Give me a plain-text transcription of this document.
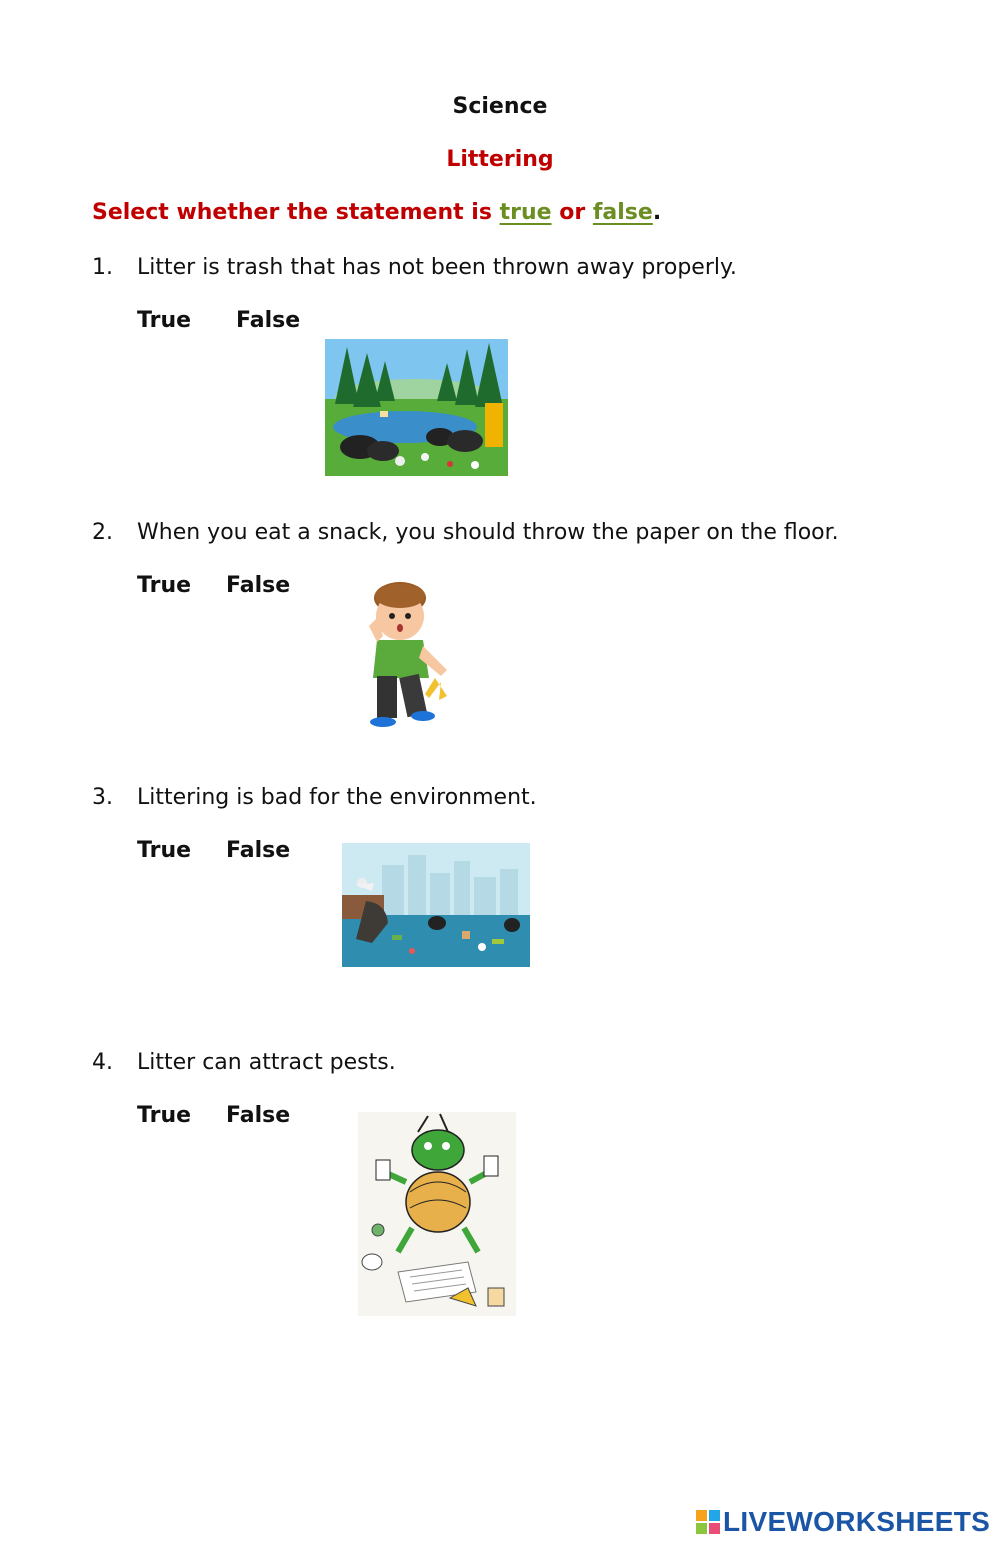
Science
Littering
Select whether the statement is true or false.
1. Litter is trash that has not been thrown away properly.
True False
2. When you eat a snack, you should throw the paper on the floor.
True False
3. Littering is bad for the environment.
True False
4. Litter can attract pests.
True False
LIVEWORKSHEETS
